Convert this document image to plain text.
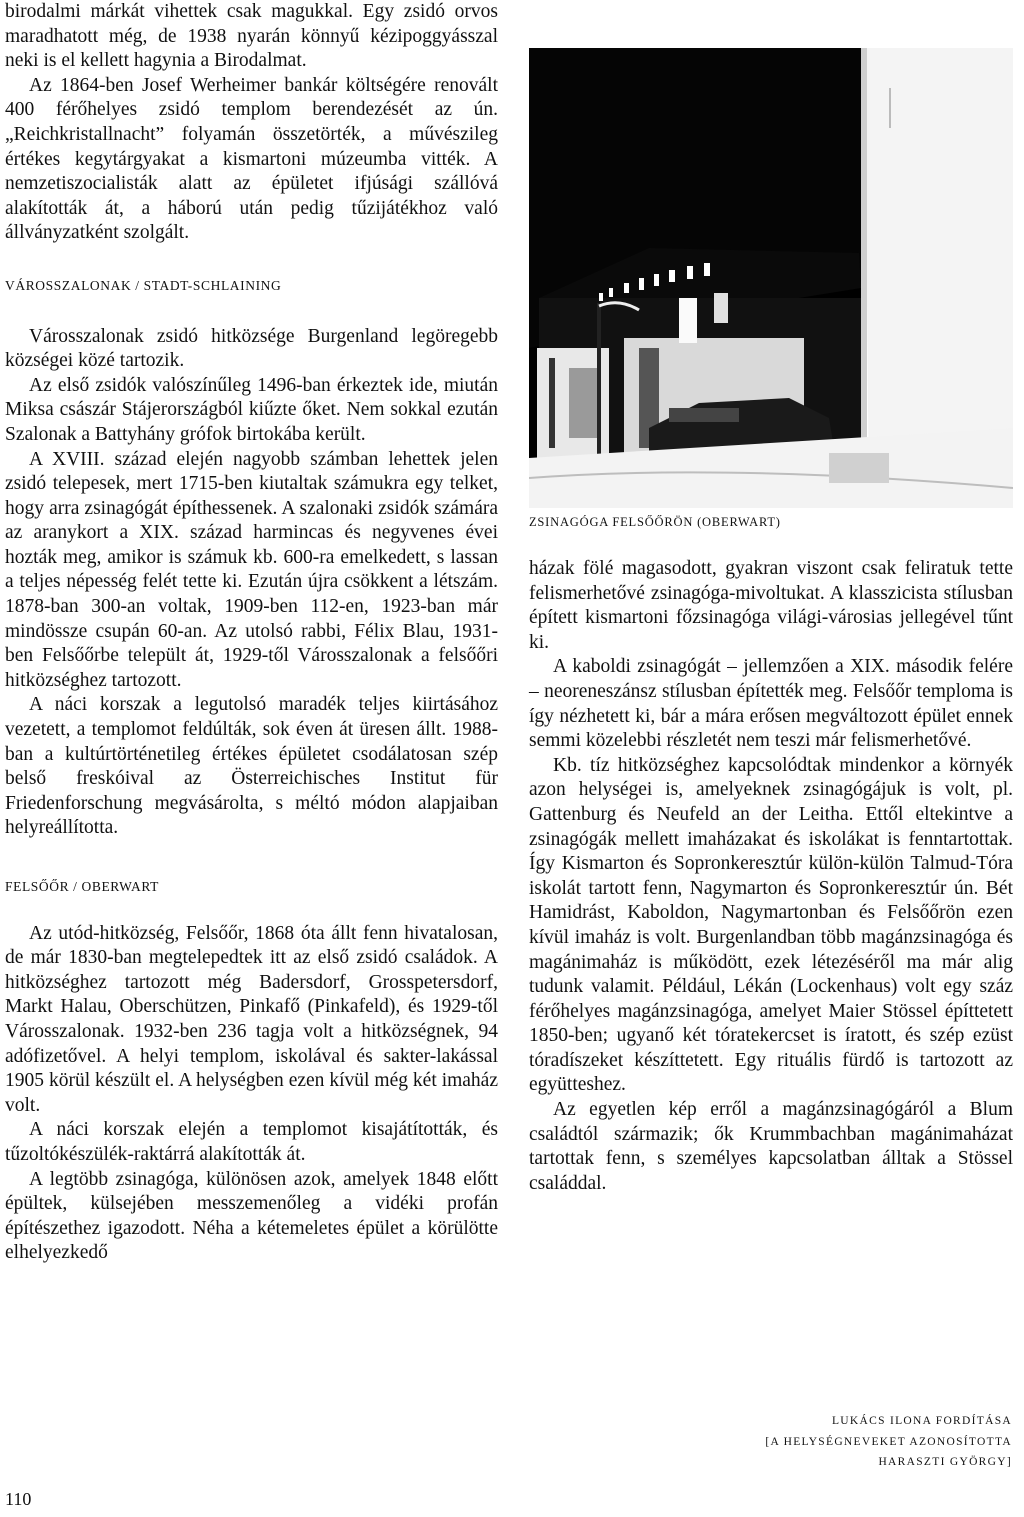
birodalmi márkát vihettek csak magukkal. Egy zsidó orvos maradhatott még, de 1938 nyarán könnyű kézipoggyásszal neki is el kellett hagynia a Birodalmat.

Az 1864-ben Josef Werheimer bankár költségére renovált 400 férőhelyes zsidó templom berendezését az ún. „Reichkristallnacht” folyamán összetörték, a művészileg értékes kegytárgyakat a kismartoni múzeumba vitték. A nemzetiszocialisták alatt az épületet ifjúsági szállóvá alakították át, a háború után pedig tűzijátékhoz való állványzatként szolgált.

VÁROSSZALONAK / STADT-SCHLAINING

Városszalonak zsidó hitközsége Burgenland legöregebb községei közé tartozik.

Az első zsidók valószínűleg 1496-ban érkeztek ide, miután Miksa császár Stájerországból kiűzte őket. Nem sokkal ezután Szalonak a Battyhány grófok birtokába került.

A XVIII. század elején nagyobb számban lehettek jelen zsidó telepesek, mert 1715-ben kiutaltak számukra egy telket, hogy arra zsinagógát építhessenek. A szalonaki zsidók számára az aranykort a XIX. század harmincas és negyvenes évei hozták meg, amikor is számuk kb. 600-ra emelkedett, s lassan a teljes népesség felét tette ki. Ezután újra csökkent a létszám. 1878-ban 300-an voltak, 1909-ben 112-en, 1923-ban már mindössze csupán 60-an. Az utolsó rabbi, Félix Blau, 1931-ben Felsőőrbe települt át, 1929-től Városszalonak a felsőőri hitközséghez tartozott.

A náci korszak a legutolsó maradék teljes kiirtásához vezetett, a templomot feldúlták, sok éven át üresen állt. 1988-ban a kultúrtörténetileg értékes épületet csodálatosan szép belső freskóival az Österreichisches Institut für Friedenforschung megvásárolta, s méltó módon alapjaiban helyreállította.

FELSŐŐR / OBERWART

Az utód-hitközség, Felsőőr, 1868 óta állt fenn hivatalosan, de már 1830-ban megtelepedtek itt az első zsidó családok. A hitközséghez tartozott még Badersdorf, Grosspetersdorf, Markt Halau, Oberschützen, Pinkafő (Pinkafeld), és 1929-től Városszalonak. 1932-ben 236 tagja volt a hitközségnek, 94 adófizetővel. A helyi templom, iskolával és sakter-lakással 1905 körül készült el. A helységben ezen kívül még két imaház volt.

A náci korszak elején a templomot kisajátították, és tűzoltókészülék-raktárrá alakították át.

A legtöbb zsinagóga, különösen azok, amelyek 1848 előtt épültek, külsejében messzemenőleg a vidéki profán építészethez igazodott. Néha a kétemeletes épület a körülötte elhelyezkedő

ZSINAGÓGA FELSŐŐRÖN (OBERWART)

házak fölé magasodott, gyakran viszont csak feliratuk tette felismerhetővé zsinagóga-mivoltukat. A klasszicista stílusban épített kismartoni főzsinagóga világi-városias jellegével tűnt ki.

A kaboldi zsinagógát – jellemzően a XIX. második felére – neoreneszánsz stílusban építették meg. Felsőőr temploma is így nézhetett ki, bár a mára erősen megváltozott épület ennek semmi közelebbi részletét nem teszi már felismerhetővé.

Kb. tíz hitközséghez kapcsolódtak mindenkor a környék azon helységei is, amelyeknek zsinagógájuk is volt, pl. Gattenburg és Neufeld an der Leitha. Ettől eltekintve a zsinagógák mellett imaházakat és iskolákat is fenntartottak. Így Kismarton és Sopronkeresztúr külön-külön Talmud-Tóra iskolát tartott fenn, Nagymarton és Sopronkeresztúr ún. Bét Hamidrást, Kaboldon, Nagymartonban és Felsőőrön ezen kívül imaház is volt. Burgenlandban több magánzsinagóga és magánimaház is működött, ezek létezéséről ma már alig tudunk valamit. Például, Lékán (Lockenhaus) volt egy száz férőhelyes magánzsinagóga, amelyet Maier Stössel építtetett 1850-ben; ugyanő két tóratekercset is íratott, és szép ezüst tóradíszeket készíttetett. Egy rituális fürdő is tartozott az együtteshez.

Az egyetlen kép erről a magánzsinagógáról a Blum családtól származik; ők Krummbachban magánimaházat tartottak fenn, s személyes kapcsolatban álltak a Stössel családdal.

LUKÁCS ILONA FORDÍTÁSA
[A HELYSÉGNEVEKET AZONOSÍTOTTA
HARASZTI GYÖRGY]
110
